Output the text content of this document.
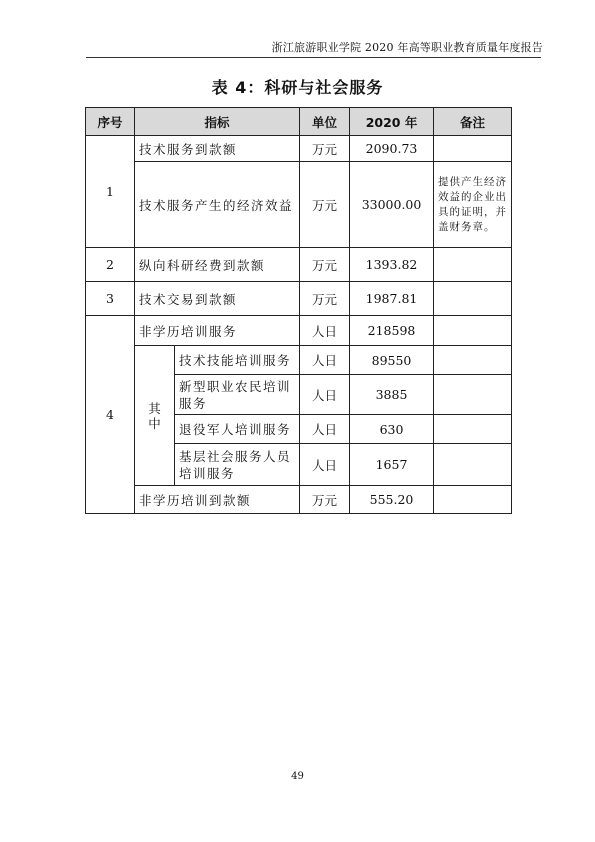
浙江旅游职业学院 2020 年高等职业教育质量年度报告
表 4：科研与社会服务
序号	指标		单位	2020 年	备注
1	技术服务到款额		万元	2090.73	
	技术服务产生的经济效益		万元	33000.00	提供产生经济效益的企业出具的证明，并盖财务章。
2	纵向科研经费到款额		万元	1393.82	
3	技术交易到款额		万元	1987.81	
4	非学历培训服务		人日	218598	
	其中	技术技能培训服务	人日	89550	
		新型职业农民培训服务	人日	3885	
		退役军人培训服务	人日	630	
		基层社会服务人员培训服务	人日	1657	
	非学历培训到款额		万元	555.20	
49
